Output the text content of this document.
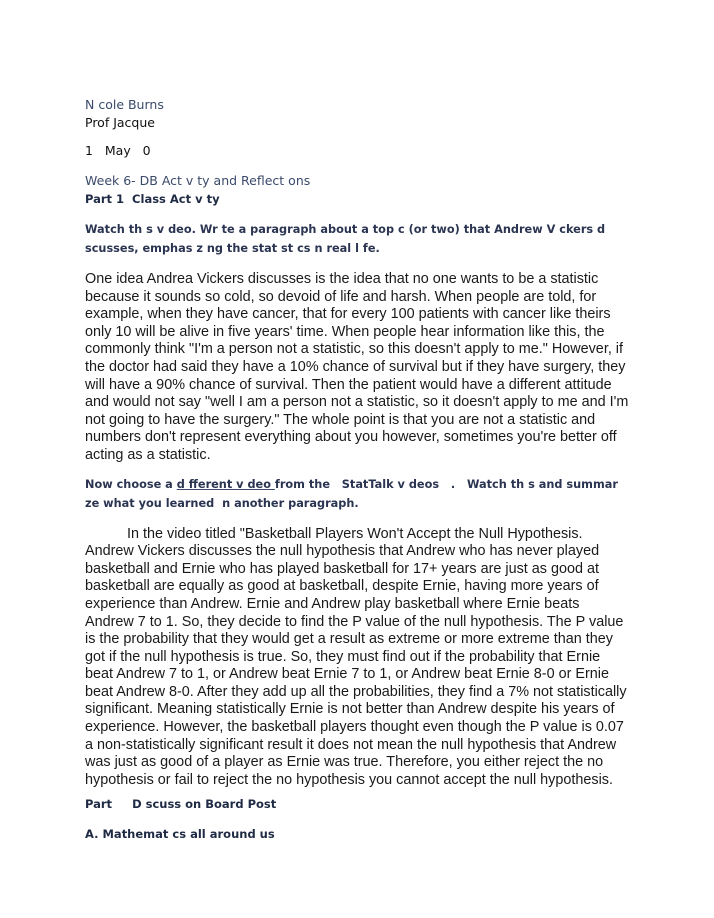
N cole Burns

Prof Jacque

1   May   0

Week 6- DB Act v ty and Reflect ons
Part 1  Class Act v ty
Watch th s v deo. Wr te a paragraph about a top c (or two) that Andrew V ckers d scusses, emphas z ng the stat st cs n real l fe.
One idea Andrea Vickers discusses is the idea that no one wants to be a statistic because it sounds so cold, so devoid of life and harsh. When people are told, for example, when they have cancer, that for every 100 patients with cancer like theirs only 10 will be alive in five years' time. When people hear information like this, the commonly think "I'm a person not a statistic, so this doesn't apply to me." However, if the doctor had said they have a 10% chance of survival but if they have surgery, they will have a 90% chance of survival. Then the patient would have a different attitude and would not say "well I am a person not a statistic, so it doesn't apply to me and I'm not going to have the surgery." The whole point is that you are not a statistic and numbers don't represent everything about you however, sometimes you're better off acting as a statistic.
Now choose a d fferent v deo from the   StatTalk v deos   .   Watch th s and summar ze what you learned  n another paragraph.
In the video titled "Basketball Players Won't Accept the Null Hypothesis. Andrew Vickers discusses the null hypothesis that Andrew who has never played basketball and Ernie who has played basketball for 17+ years are just as good at basketball are equally as good at basketball, despite Ernie, having more years of experience than Andrew. Ernie and Andrew play basketball where Ernie beats Andrew 7 to 1. So, they decide to find the P value of the null hypothesis. The P value is the probability that they would get a result as extreme or more extreme than they got if the null hypothesis is true. So, they must find out if the probability that Ernie beat Andrew 7 to 1, or Andrew beat Ernie 7 to 1, or Andrew beat Ernie 8-0 or Ernie beat Andrew 8-0. After they add up all the probabilities, they find a 7% not statistically significant. Meaning statistically Ernie is not better than Andrew despite his years of experience. However, the basketball players thought even though the P value is 0.07 a non-statistically significant result it does not mean the null hypothesis that Andrew was just as good of a player as Ernie was true. Therefore, you either reject the no hypothesis or fail to reject the no hypothesis you cannot accept the null hypothesis.
Part     D scuss on Board Post
A. Mathemat cs all around us
